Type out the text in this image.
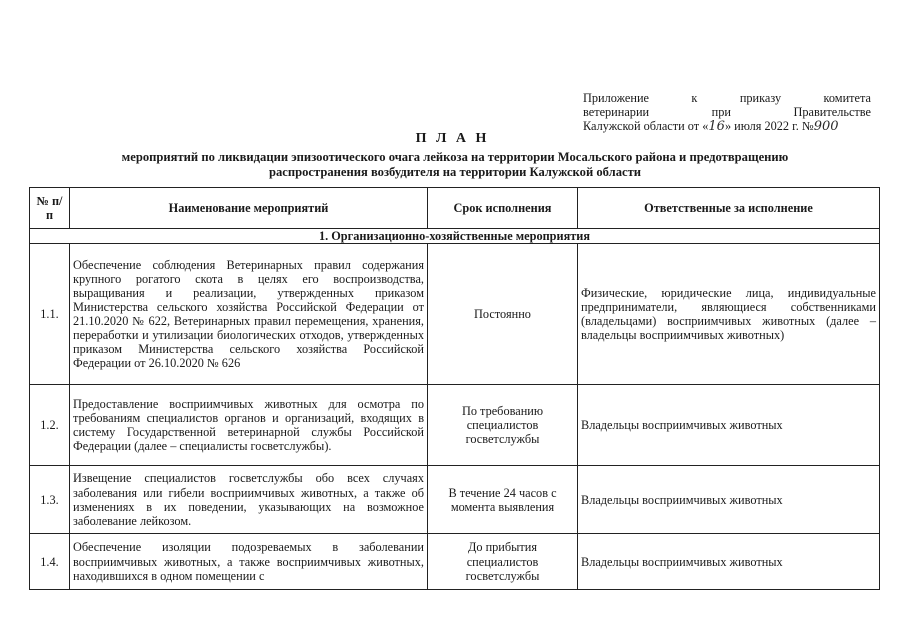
Приложение к приказу комитета
ветеринарии при Правительстве
Калужской области от «16» июля 2022 г. №900
П Л А Н
мероприятий по ликвидации эпизоотического очага лейкоза на территории Мосальского района и предотвращению распространения возбудителя на территории Калужской области
№ п/п	Наименование мероприятий	Срок исполнения	Ответственные за исполнение
1. Организационно-хозяйственные мероприятия			
1.1.	Обеспечение соблюдения Ветеринарных правил содержания крупного рогатого скота в целях его воспроизводства, выращивания и реализации, утвержденных приказом Министерства сельского хозяйства Российской Федерации от 21.10.2020 № 622, Ветеринарных правил перемещения, хранения, переработки и утилизации биологических отходов, утвержденных приказом Министерства сельского хозяйства Российской Федерации от 26.10.2020 № 626	Постоянно	Физические, юридические лица, индивидуальные предприниматели, являющиеся собственниками (владельцами) восприимчивых животных (далее – владельцы восприимчивых животных)
1.2.	Предоставление восприимчивых животных для осмотра по требованиям специалистов органов и организаций, входящих в систему Государственной ветеринарной службы Российской Федерации (далее – специалисты госветслужбы).	По требованию специалистов госветслужбы	Владельцы восприимчивых животных
1.3.	Извещение специалистов госветслужбы обо всех случаях заболевания или гибели восприимчивых животных, а также об изменениях в их поведении, указывающих на возможное заболевание лейкозом.	В течение 24 часов с момента выявления	Владельцы восприимчивых животных
1.4.	Обеспечение изоляции подозреваемых в заболевании восприимчивых животных, а также восприимчивых животных, находившихся в одном помещении с	До прибытия специалистов госветслужбы	Владельцы восприимчивых животных
